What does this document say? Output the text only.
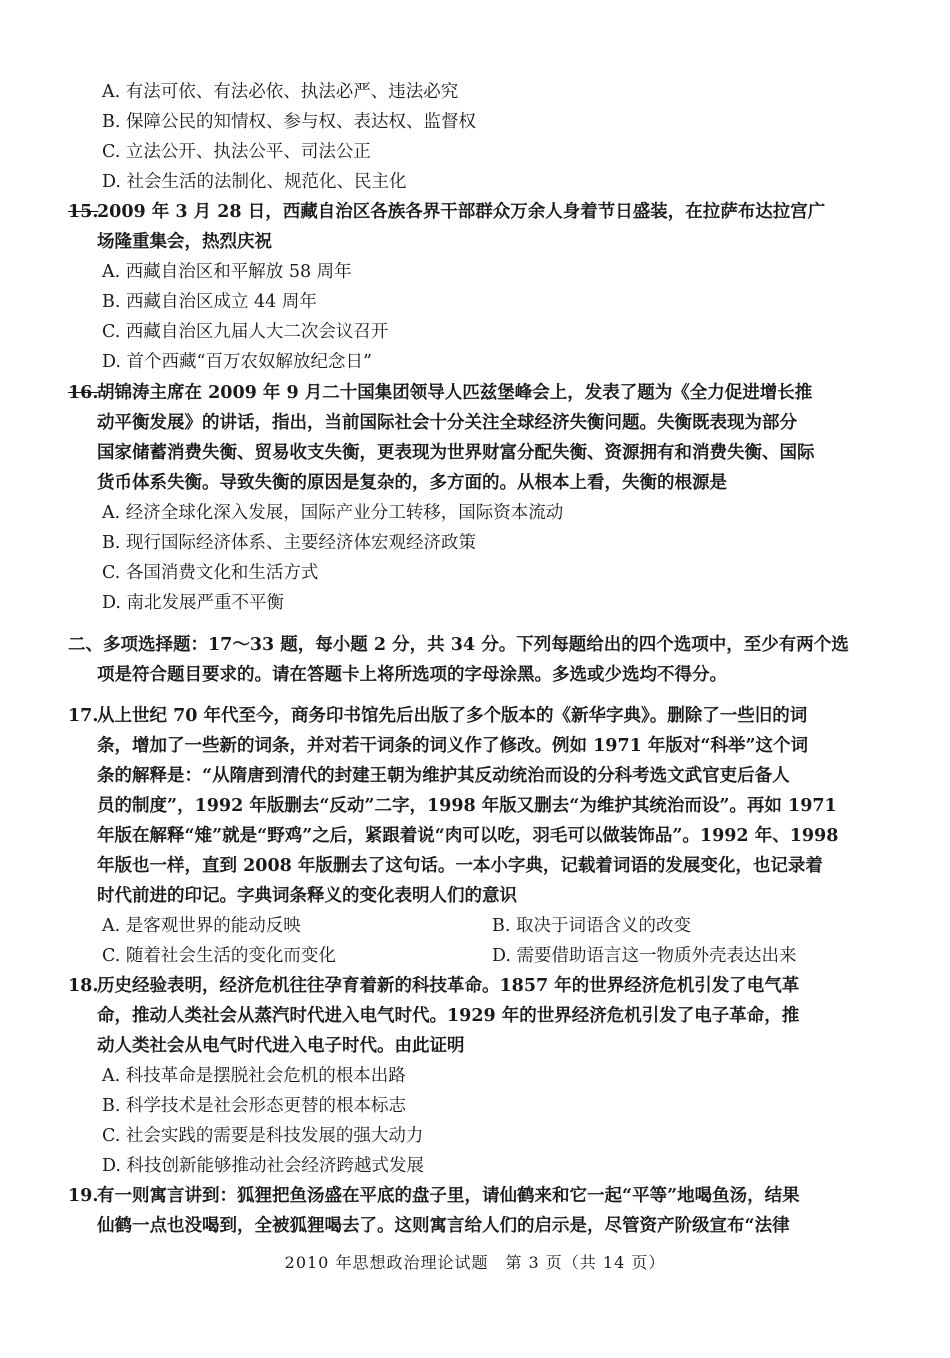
A. 有法可依、有法必依、执法必严、违法必究
B. 保障公民的知情权、参与权、表达权、监督权
C. 立法公开、执法公平、司法公正
D. 社会生活的法制化、规范化、民主化
15.2009 年 3 月 28 日，西藏自治区各族各界干部群众万余人身着节日盛装，在拉萨布达拉宫广
场隆重集会，热烈庆祝
A. 西藏自治区和平解放 58 周年
B. 西藏自治区成立 44 周年
C. 西藏自治区九届人大二次会议召开
D. 首个西藏“百万农奴解放纪念日”
16.胡锦涛主席在 2009 年 9 月二十国集团领导人匹兹堡峰会上，发表了题为《全力促进增长推
动平衡发展》的讲话，指出，当前国际社会十分关注全球经济失衡问题。失衡既表现为部分
国家储蓄消费失衡、贸易收支失衡，更表现为世界财富分配失衡、资源拥有和消费失衡、国际
货币体系失衡。导致失衡的原因是复杂的，多方面的。从根本上看，失衡的根源是
A. 经济全球化深入发展，国际产业分工转移，国际资本流动
B. 现行国际经济体系、主要经济体宏观经济政策
C. 各国消费文化和生活方式
D. 南北发展严重不平衡
二、多项选择题：17～33 题，每小题 2 分，共 34 分。下列每题给出的四个选项中，至少有两个选
项是符合题目要求的。请在答题卡上将所选项的字母涂黑。多选或少选均不得分。
17.从上世纪 70 年代至今，商务印书馆先后出版了多个版本的《新华字典》。删除了一些旧的词
条，增加了一些新的词条，并对若干词条的词义作了修改。例如 1971 年版对“科举”这个词
条的解释是：“从隋唐到清代的封建王朝为维护其反动统治而设的分科考选文武官吏后备人
员的制度”，1992 年版删去“反动”二字，1998 年版又删去“为维护其统治而设”。再如 1971
年版在解释“雉”就是“野鸡”之后，紧跟着说“肉可以吃，羽毛可以做装饰品”。1992 年、1998
年版也一样，直到 2008 年版删去了这句话。一本小字典，记载着词语的发展变化，也记录着
时代前进的印记。字典词条释义的变化表明人们的意识
A. 是客观世界的能动反映	B. 取决于词语含义的改变
C. 随着社会生活的变化而变化	D. 需要借助语言这一物质外壳表达出来
18.历史经验表明，经济危机往往孕育着新的科技革命。1857 年的世界经济危机引发了电气革
命，推动人类社会从蒸汽时代进入电气时代。1929 年的世界经济危机引发了电子革命，推
动人类社会从电气时代进入电子时代。由此证明
A. 科技革命是摆脱社会危机的根本出路
B. 科学技术是社会形态更替的根本标志
C. 社会实践的需要是科技发展的强大动力
D. 科技创新能够推动社会经济跨越式发展
19.有一则寓言讲到：狐狸把鱼汤盛在平底的盘子里，请仙鹤来和它一起“平等”地喝鱼汤，结果
仙鹤一点也没喝到，全被狐狸喝去了。这则寓言给人们的启示是，尽管资产阶级宣布“法律
2010 年思想政治理论试题　第 3 页（共 14 页）
